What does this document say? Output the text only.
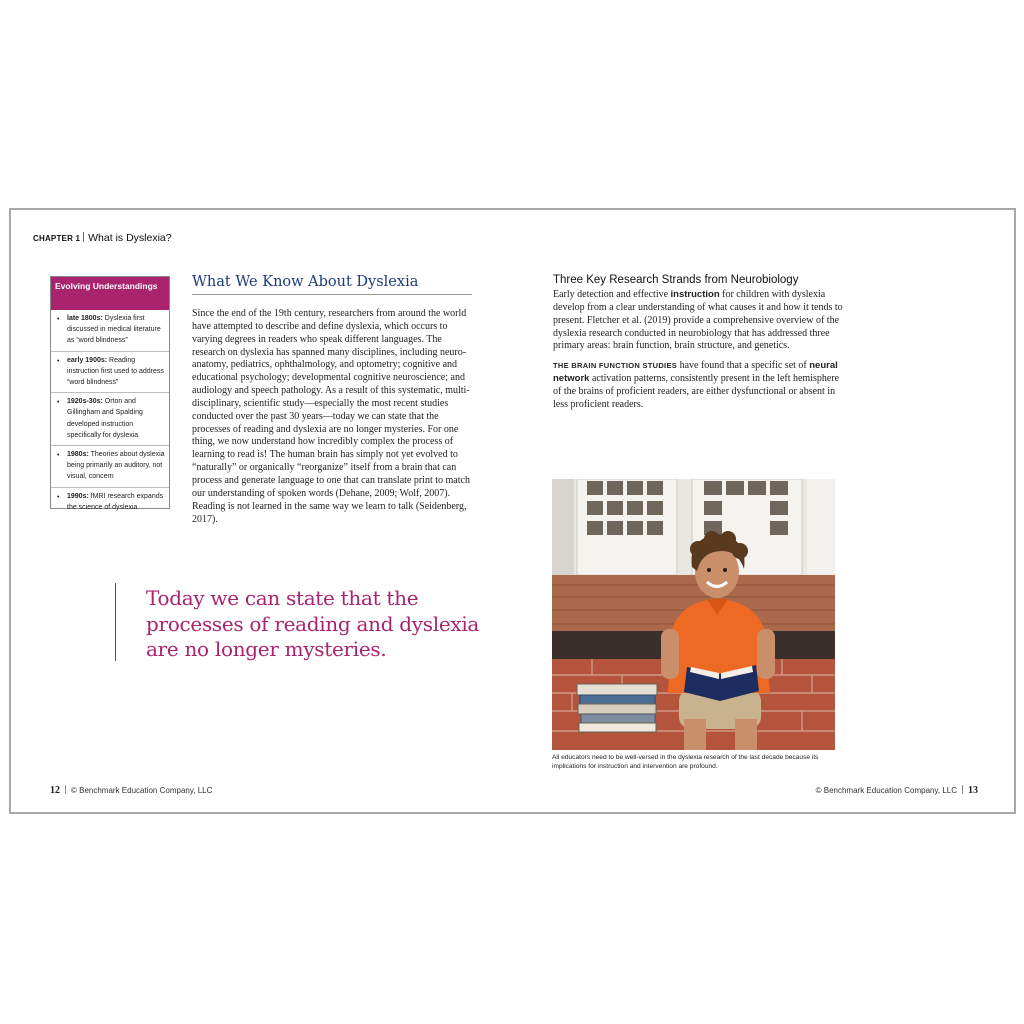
CHAPTER 1 What is Dyslexia?
Evolving Understandings
• late 1800s: Dyslexia first discussed in medical literature as “word blindness”
• early 1900s: Reading instruction first used to address “word blindness”
• 1920s-30s: Orton and Gillingham and Spalding developed instruction specifically for dyslexia
• 1980s: Theories about dyslexia being primarily an auditory, not visual, concern
• 1990s: fMRI research expands the science of dyslexia
What We Know About Dyslexia
Since the end of the 19th century, researchers from around the world have attempted to describe and define dyslexia, which occurs to varying degrees in readers who speak different languages. The research on dyslexia has spanned many disciplines, including neuro-anatomy, pediatrics, ophthalmology, and optometry; cognitive and educational psychology; developmental cognitive neuroscience; and audiology and speech pathology. As a result of this systematic, multi-disciplinary, scientific study—especially the most recent studies conducted over the past 30 years—today we can state that the processes of reading and dyslexia are no longer mysteries. For one thing, we now understand how incredibly complex the process of learning to read is! The human brain has simply not yet evolved to “naturally” or organically “reorganize” itself from a brain that can process and generate language to one that can translate print to match our understanding of spoken words (Dehane, 2009; Wolf, 2007). Reading is not learned in the same way we learn to talk (Seidenberg, 2017).
Today we can state that the processes of reading and dyslexia are no longer mysteries.
Three Key Research Strands from Neurobiology
Early detection and effective instruction for children with dyslexia develop from a clear understanding of what causes it and how it tends to present. Fletcher et al. (2019) provide a comprehensive overview of the dyslexia research conducted in neurobiology that has addressed three primary areas: brain function, brain structure, and genetics.
THE BRAIN FUNCTION STUDIES have found that a specific set of neural network activation patterns, consistently present in the left hemisphere of the brains of proficient readers, are either dysfunctional or absent in less proficient readers.
All educators need to be well-versed in the dyslexia research of the last decade because its implications for instruction and intervention are profound.
12 © Benchmark Education Company, LLC	© Benchmark Education Company, LLC 13
